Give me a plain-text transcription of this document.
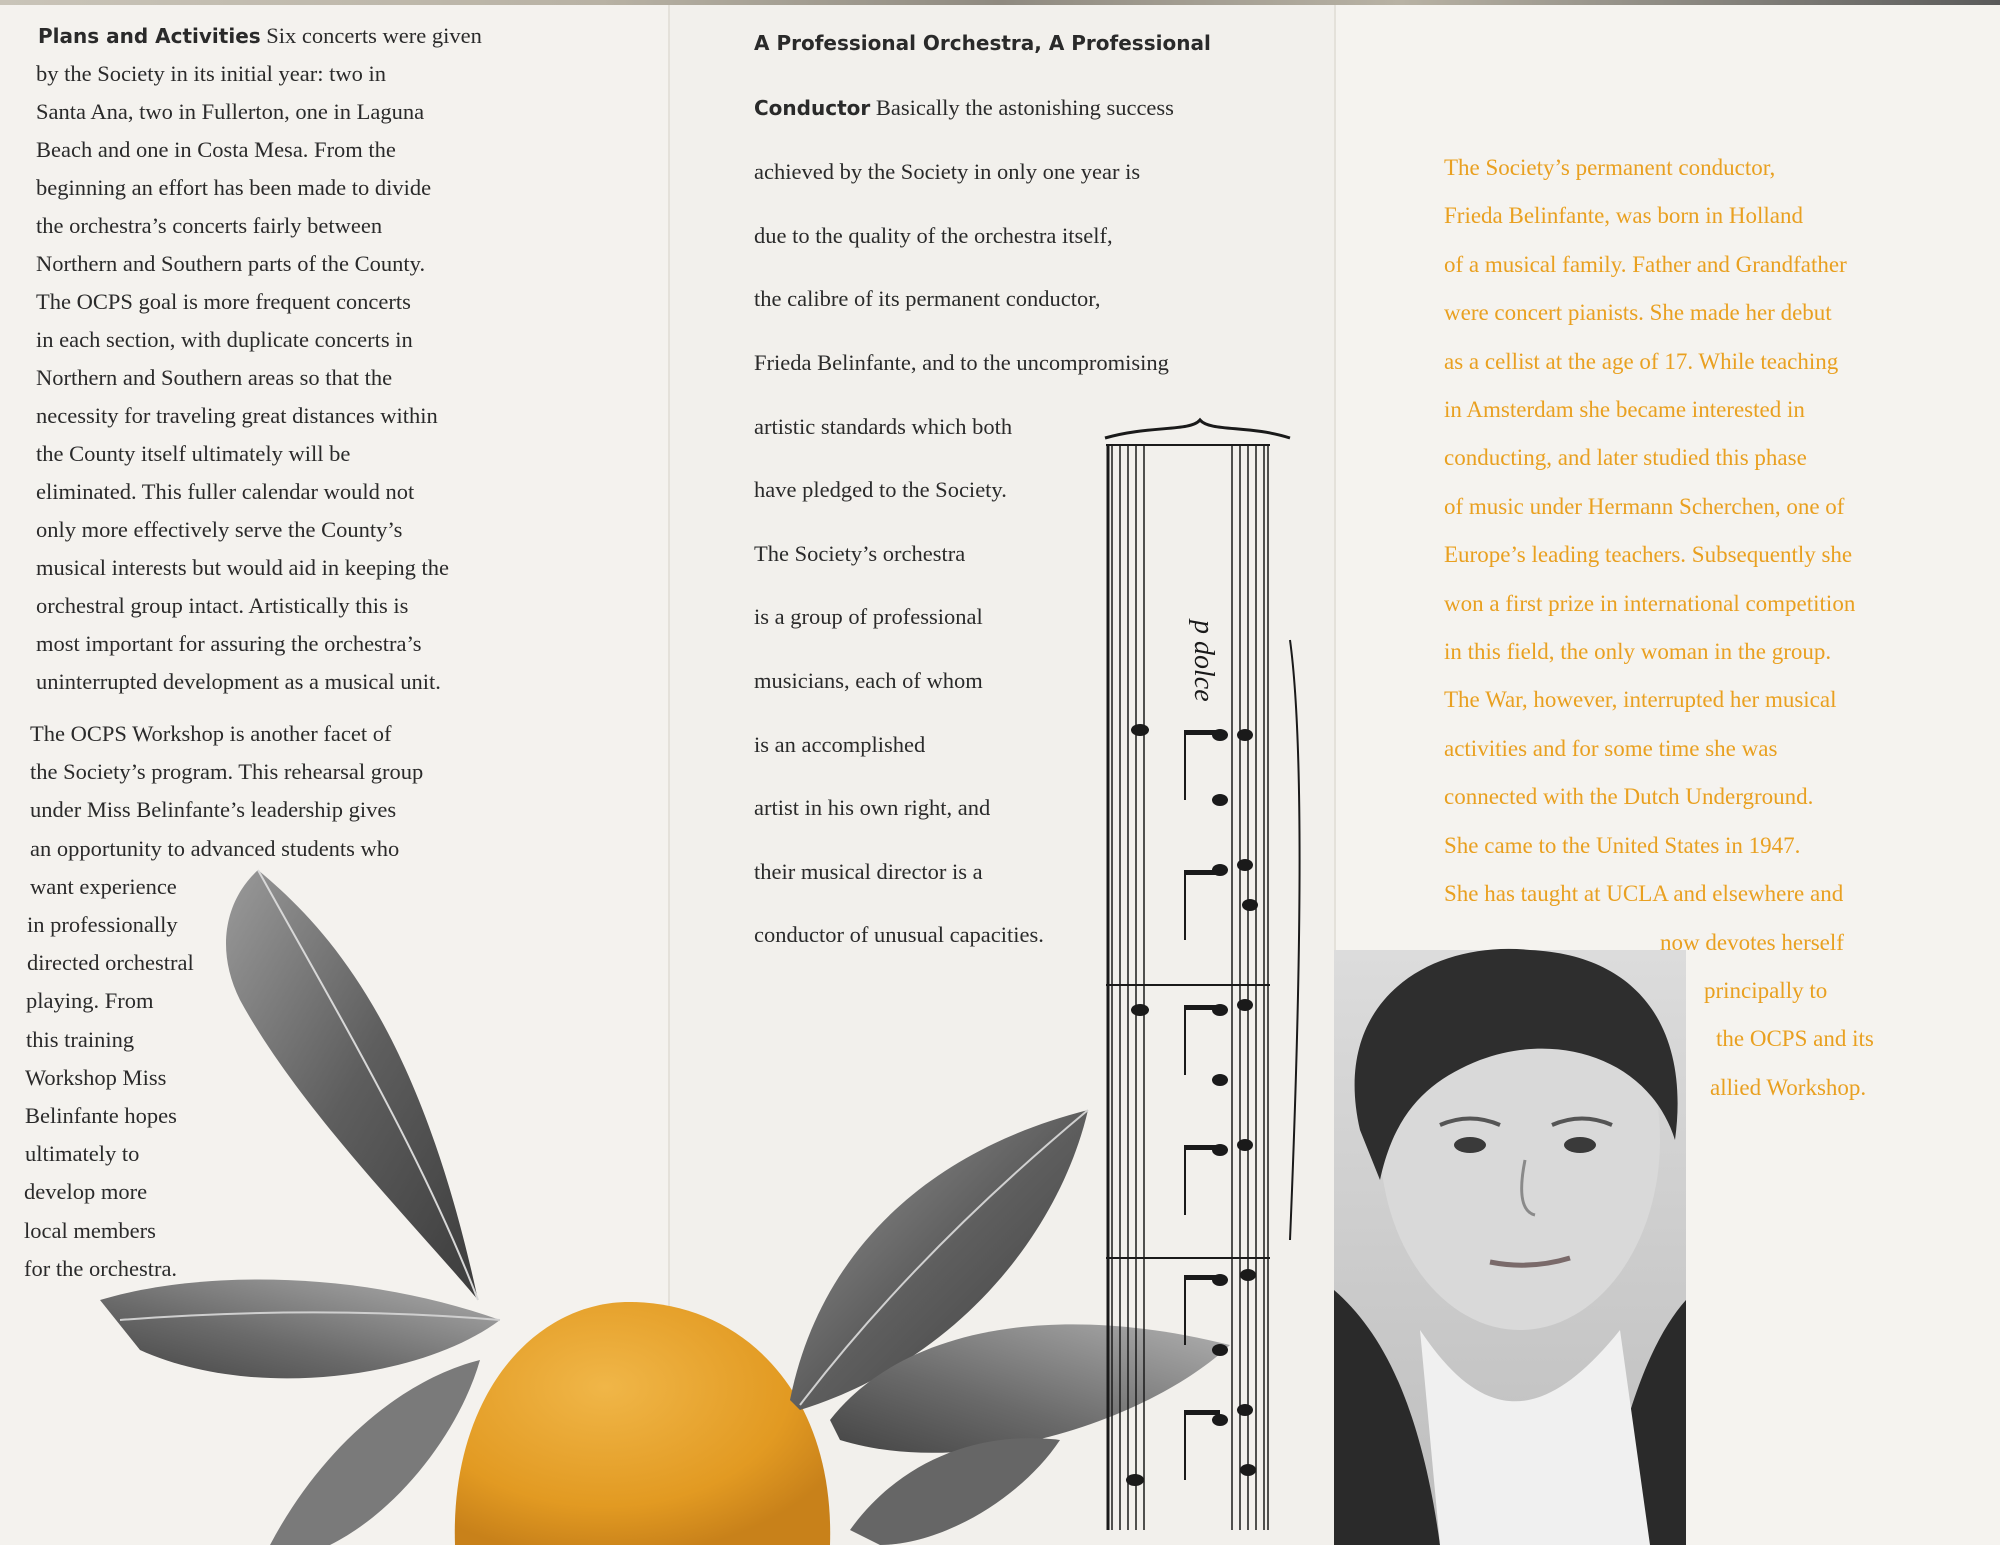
p dolce
Plans and Activities Six concerts were given
by the Society in its initial year: two in
Santa Ana, two in Fullerton, one in Laguna
Beach and one in Costa Mesa. From the
beginning an effort has been made to divide
the orchestra’s concerts fairly between
Northern and Southern parts of the County.
The OCPS goal is more frequent concerts
in each section, with duplicate concerts in
Northern and Southern areas so that the
necessity for traveling great distances within
the County itself ultimately will be
eliminated. This fuller calendar would not
only more effectively serve the County’s
musical interests but would aid in keeping the
orchestral group intact. Artistically this is
most important for assuring the orchestra’s
uninterrupted development as a musical unit.
The OCPS Workshop is another facet of
the Society’s program. This rehearsal group
under Miss Belinfante’s leadership gives
an opportunity to advanced students who
want experience
in professionally
directed orchestral
playing. From
this training
Workshop Miss
Belinfante hopes
ultimately to
develop more
local members
for the orchestra.
A Professional Orchestra, A Professional
Conductor Basically the astonishing success
achieved by the Society in only one year is
due to the quality of the orchestra itself,
the calibre of its permanent conductor,
Frieda Belinfante, and to the uncompromising
artistic standards which both
have pledged to the Society.
The Society’s orchestra
is a group of professional
musicians, each of whom
is an accomplished
artist in his own right, and
their musical director is a
conductor of unusual capacities.
The Society’s permanent conductor,
Frieda Belinfante, was born in Holland
of a musical family. Father and Grandfather
were concert pianists. She made her debut
as a cellist at the age of 17. While teaching
in Amsterdam she became interested in
conducting, and later studied this phase
of music under Hermann Scherchen, one of
Europe’s leading teachers. Subsequently she
won a first prize in international competition
in this field, the only woman in the group.
The War, however, interrupted her musical
activities and for some time she was
connected with the Dutch Underground.
She came to the United States in 1947.
She has taught at UCLA and elsewhere and
now devotes herself
principally to
the OCPS and its
allied Workshop.
